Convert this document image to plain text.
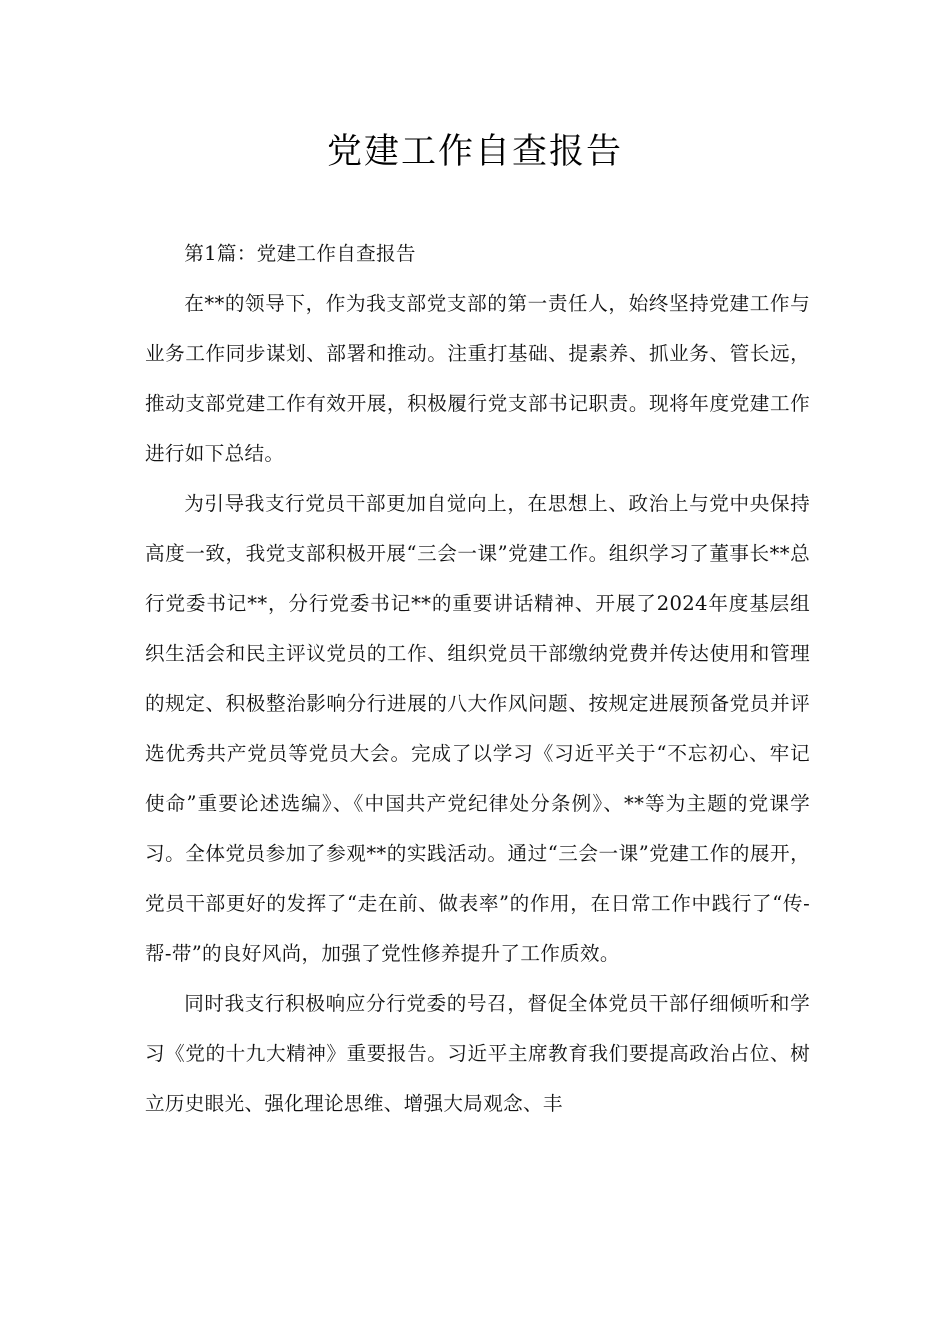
党建工作自查报告

第1篇：党建工作自查报告

在**的领导下，作为我支部党支部的第一责任人，始终坚持党建工作与业务工作同步谋划、部署和推动。注重打基础、提素养、抓业务、管长远，推动支部党建工作有效开展，积极履行党支部书记职责。现将年度党建工作进行如下总结。

为引导我支行党员干部更加自觉向上，在思想上、政治上与党中央保持高度一致，我党支部积极开展“三会一课”党建工作。组织学习了董事长**总行党委书记**，分行党委书记**的重要讲话精神、开展了2024年度基层组织生活会和民主评议党员的工作、组织党员干部缴纳党费并传达使用和管理的规定、积极整治影响分行进展的八大作风问题、按规定进展预备党员并评选优秀共产党员等党员大会。完成了以学习《习近平关于“不忘初心、牢记使命”重要论述选编》、《中国共产党纪律处分条例》、**等为主题的党课学习。全体党员参加了参观**的实践活动。通过“三会一课”党建工作的展开，党员干部更好的发挥了“走在前、做表率”的作用，在日常工作中践行了“传-帮-带”的良好风尚，加强了党性修养提升了工作质效。

同时我支行积极响应分行党委的号召，督促全体党员干部仔细倾听和学习《党的十九大精神》重要报告。习近平主席教育我们要提高政治占位、树立历史眼光、强化理论思维、增强大局观念、丰
